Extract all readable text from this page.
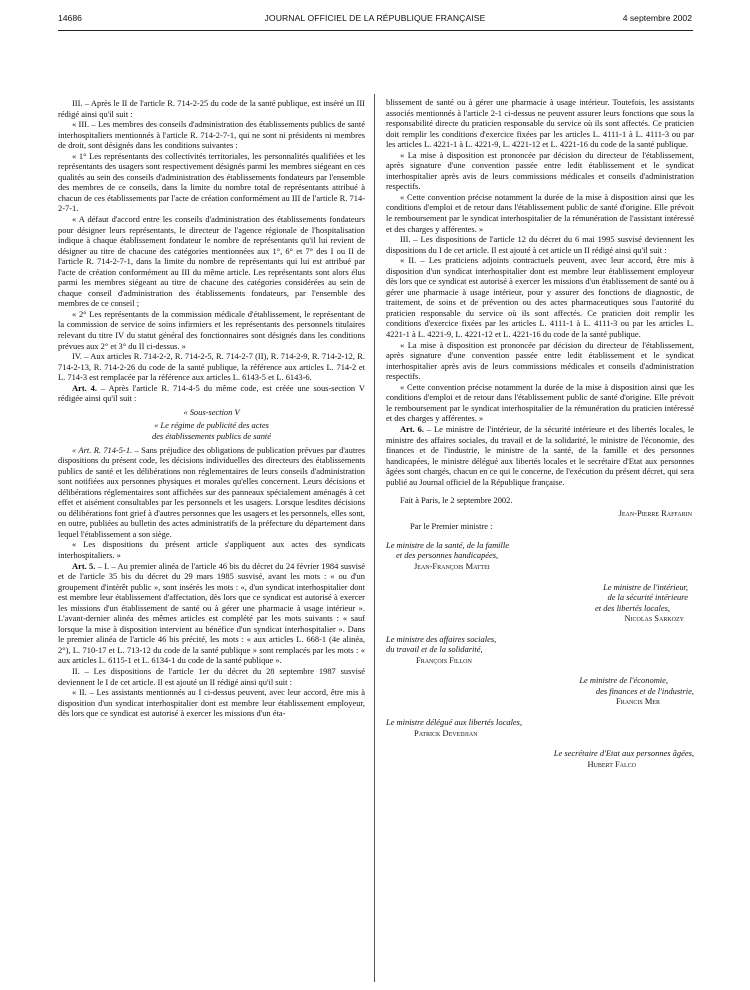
14686	JOURNAL OFFICIEL DE LA RÉPUBLIQUE FRANÇAISE	4 septembre 2002

III. – Après le II de l'article R. 714-2-25 du code de la santé publique, est inséré un III rédigé ainsi qu'il suit :

« III. – Les membres des conseils d'administration des établissements publics de santé interhospitaliers mentionnés à l'article R. 714-2-7-1, qui ne sont ni présidents ni membres de droit, sont désignés dans les conditions suivantes :

« 1° Les représentants des collectivités territoriales, les personnalités qualifiées et les représentants des usagers sont respectivement désignés parmi les membres siégeant en ces qualités au sein des conseils d'administration des établissements fondateurs par l'ensemble des membres de ce conseils, dans la limite du nombre total de représentants attribué à chacun de ces établissements par l'acte de création conformément au III de l'article R. 714-2-7-1.

« A défaut d'accord entre les conseils d'administration des établissements fondateurs pour désigner leurs représentants, le directeur de l'agence régionale de l'hospitalisation indique à chaque établissement fondateur le nombre de représentants qu'il lui revient de désigner au titre de chacune des catégories mentionnées aux 1°, 6° et 7° des I ou II de l'article R. 714-2-7-1, dans la limite du nombre de représentants qui lui est attribué par l'acte de création conformément au III du même article. Les représentants sont alors élus parmi les membres siégeant au titre de chacune des catégories considérées au sein de chaque conseil d'administration des établissements fondateurs, par l'ensemble des membres de ce conseil ;

« 2° Les représentants de la commission médicale d'établissement, le représentant de la commission de service de soins infirmiers et les représentants des personnels titulaires relevant du titre IV du statut général des fonctionnaires sont désignés dans les conditions prévues aux 2° et 3° du II ci-dessus. »

IV. – Aux articles R. 714-2-2, R. 714-2-5, R. 714-2-7 (II), R. 714-2-9, R. 714-2-12, R. 714-2-13, R. 714-2-26 du code de la santé publique, la référence aux articles L. 714-2 et L. 714-3 est remplacée par la référence aux articles L. 6143-5 et L. 6143-6.

Art. 4. – Après l'article R. 714-4-5 du même code, est créée une sous-section V rédigée ainsi qu'il suit :

« Sous-section V

« Le régime de publicité des actes

des établissements publics de santé

« Art. R. 714-5-1. – Sans préjudice des obligations de publication prévues par d'autres dispositions du présent code, les décisions individuelles des directeurs des établissements publics de santé et les délibérations non réglementaires de leurs conseils d'administration sont notifiées aux personnes physiques et morales qu'elles concernent. Leurs décisions et délibérations réglementaires sont affichées sur des panneaux spécialement aménagés à cet effet et aisément consultables par les personnels et les usagers. Lorsque lesdites décisions ou délibérations font grief à d'autres personnes que les usagers et les personnels, elles sont, en outre, publiées au bulletin des actes administratifs de la préfecture du département dans lequel l'établissement a son siège.

« Les dispositions du présent article s'appliquent aux actes des syndicats interhospitaliers. »

Art. 5. – I. – Au premier alinéa de l'article 46 bis du décret du 24 février 1984 susvisé et de l'article 35 bis du décret du 29 mars 1985 susvisé, avant les mots : « ou d'un groupement d'intérêt public », sont insérés les mots : «, d'un syndicat interhospitalier dont est membre leur établissement d'affectation, dès lors que ce syndicat est autorisé à exercer les missions d'un établissement de santé ou à gérer une pharmacie à usage intérieur ». L'avant-dernier alinéa des mêmes articles est complété par les mots suivants : « sauf lorsque la mise à disposition intervient au bénéfice d'un syndicat interhospitalier ». Dans le premier alinéa de l'article 46 bis précité, les mots : « aux articles L. 668-1 (4e alinéa, 2°), L. 710-17 et L. 713-12 du code de la santé publique » sont remplacés par les mots : « aux articles L. 6115-1 et L. 6134-1 du code de la santé publique ».

II. – Les dispositions de l'article 1er du décret du 28 septembre 1987 susvisé deviennent le I de cet article. Il est ajouté un II rédigé ainsi qu'il suit :

« II. – Les assistants mentionnés au I ci-dessus peuvent, avec leur accord, être mis à disposition d'un syndicat interhospitalier dont est membre leur établissement employeur, dès lors que ce syndicat est autorisé à exercer les missions d'un éta-

blissement de santé ou à gérer une pharmacie à usage intérieur. Toutefois, les assistants associés mentionnés à l'article 2-1 ci-dessus ne peuvent assurer leurs fonctions que sous la responsabilité directe du praticien responsable du service où ils sont affectés. Ce praticien doit remplir les conditions d'exercice fixées par les articles L. 4111-1 à L. 4111-3 ou par les articles L. 4221-1 à L. 4221-9, L. 4221-12 et L. 4221-16 du code de la santé publique.

« La mise à disposition est prononcée par décision du directeur de l'établissement, après signature d'une convention passée entre ledit établissement et le syndicat interhospitalier après avis de leurs commissions médicales et conseils d'administration respectifs.

« Cette convention précise notamment la durée de la mise à disposition ainsi que les conditions d'emploi et de retour dans l'établissement public de santé d'origine. Elle prévoit le remboursement par le syndicat interhospitalier de la rémunération de l'assistant intéressé et des charges y afférentes. »

III. – Les dispositions de l'article 12 du décret du 6 mai 1995 susvisé deviennent les dispositions du I de cet article. Il est ajouté à cet article un II rédigé ainsi qu'il suit :

« II. – Les praticiens adjoints contractuels peuvent, avec leur accord, être mis à disposition d'un syndicat interhospitalier dont est membre leur établissement employeur dès lors que ce syndicat est autorisé à exercer les missions d'un établissement de santé ou à gérer une pharmacie à usage intérieur, pour y assurer des fonctions de diagnostic, de traitement, de soins et de prévention ou des actes pharmaceutiques sous l'autorité du praticien responsable du service où ils sont affectés. Ce praticien doit remplir les conditions d'exercice fixées par les articles L. 4111-1 à L. 4111-3 ou par les articles L. 4221-1 à L. 4221-9, L. 4221-12 et L. 4221-16 du code de la santé publique.

« La mise à disposition est prononcée par décision du directeur de l'établissement, après signature d'une convention passée entre ledit établissement et le syndicat interhospitalier après avis de leurs commissions médicales et conseils d'administration respectifs.

« Cette convention précise notamment la durée de la mise à disposition ainsi que les conditions d'emploi et de retour dans l'établissement public de santé d'origine. Elle prévoit le remboursement par le syndicat interhospitalier de la rémunération du praticien intéressé et des charges y afférentes. »

Art. 6. – Le ministre de l'intérieur, de la sécurité intérieure et des libertés locales, le ministre des affaires sociales, du travail et de la solidarité, le ministre de l'économie, des finances et de l'industrie, le ministre de la santé, de la famille et des personnes handicapées, le ministre délégué aux libertés locales et le secrétaire d'Etat aux personnes âgées sont chargés, chacun en ce qui le concerne, de l'exécution du présent décret, qui sera publié au Journal officiel de la République française.

Fait à Paris, le 2 septembre 2002.

Jean-Pierre Raffarin
Par le Premier ministre :
Le ministre de la santé, de la famille
et des personnes handicapées,
Jean-François Mattei
Le ministre de l'intérieur,
de la sécurité intérieure
et des libertés locales,
Nicolas Sarkozy
Le ministre des affaires sociales,
du travail et de la solidarité,
François Fillon
Le ministre de l'économie,
des finances et de l'industrie,
Francis Mer
Le ministre délégué aux libertés locales,
Patrick Devedjian
Le secrétaire d'Etat aux personnes âgées,
Hubert Falco
